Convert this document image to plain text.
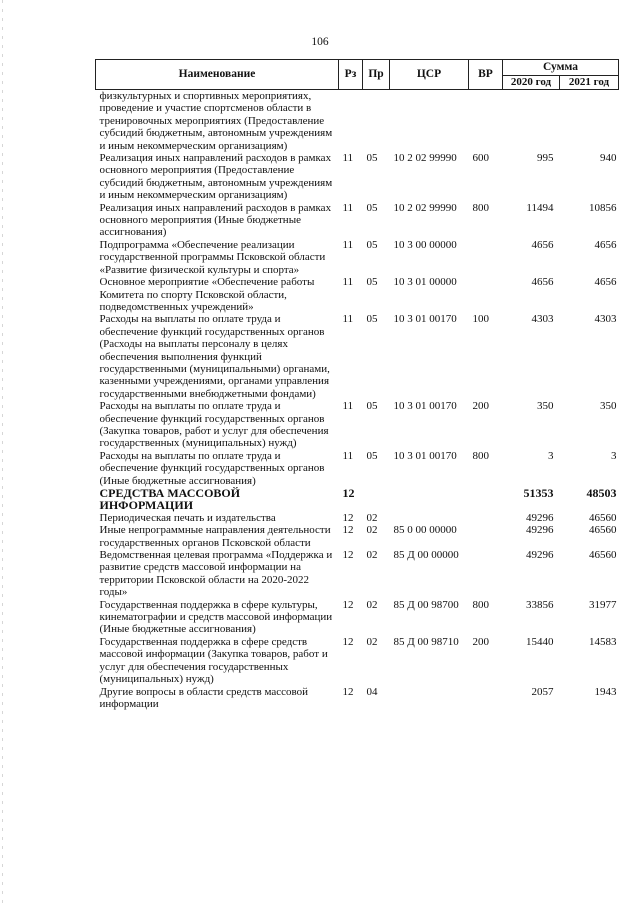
106
Наименование	Рз	Пр	ЦСР	ВР	Сумма	
					2020 год	2021 год
физкультурных и спортивных мероприятиях, проведение и участие спортсменов области в тренировочных мероприятиях (Предоставление субсидий бюджетным, автономным учреждениям и иным некоммерческим организациям)						
Реализация иных направлений расходов в рамках основного мероприятия (Предоставление субсидий бюджетным, автономным учреждениям и иным некоммерческим организациям)	11	05	10 2 02 99990	600	995	940
Реализация иных направлений расходов в рамках основного мероприятия (Иные бюджетные ассигнования)	11	05	10 2 02 99990	800	11494	10856
Подпрограмма «Обеспечение реализации государственной программы Псковской области «Развитие физической культуры и спорта»	11	05	10 3 00 00000		4656	4656
Основное мероприятие «Обеспечение работы Комитета по спорту Псковской области, подведомственных учреждений»	11	05	10 3 01 00000		4656	4656
Расходы на выплаты по оплате труда и обеспечение функций государственных органов (Расходы на выплаты персоналу в целях обеспечения выполнения функций государственными (муниципальными) органами, казенными учреждениями, органами управления государственными внебюджетными фондами)	11	05	10 3 01 00170	100	4303	4303
Расходы на выплаты по оплате труда и обеспечение функций государственных органов (Закупка товаров, работ и услуг для обеспечения государственных (муниципальных) нужд)	11	05	10 3 01 00170	200	350	350
Расходы на выплаты по оплате труда и обеспечение функций государственных органов (Иные бюджетные ассигнования)	11	05	10 3 01 00170	800	3	3
СРЕДСТВА МАССОВОЙ ИНФОРМАЦИИ	12				51353	48503
Периодическая печать и издательства	12	02			49296	46560
Иные непрограммные направления деятельности государственных органов Псковской области	12	02	85 0 00 00000		49296	46560
Ведомственная целевая программа «Поддержка и развитие средств массовой информации на территории Псковской области на 2020-2022 годы»	12	02	85 Д 00 00000		49296	46560
Государственная поддержка в сфере культуры, кинематографии и средств массовой информации (Иные бюджетные ассигнования)	12	02	85 Д 00 98700	800	33856	31977
Государственная поддержка в сфере средств массовой информации (Закупка товаров, работ и услуг для обеспечения государственных (муниципальных) нужд)	12	02	85 Д 00 98710	200	15440	14583
Другие вопросы в области средств массовой информации	12	04			2057	1943
